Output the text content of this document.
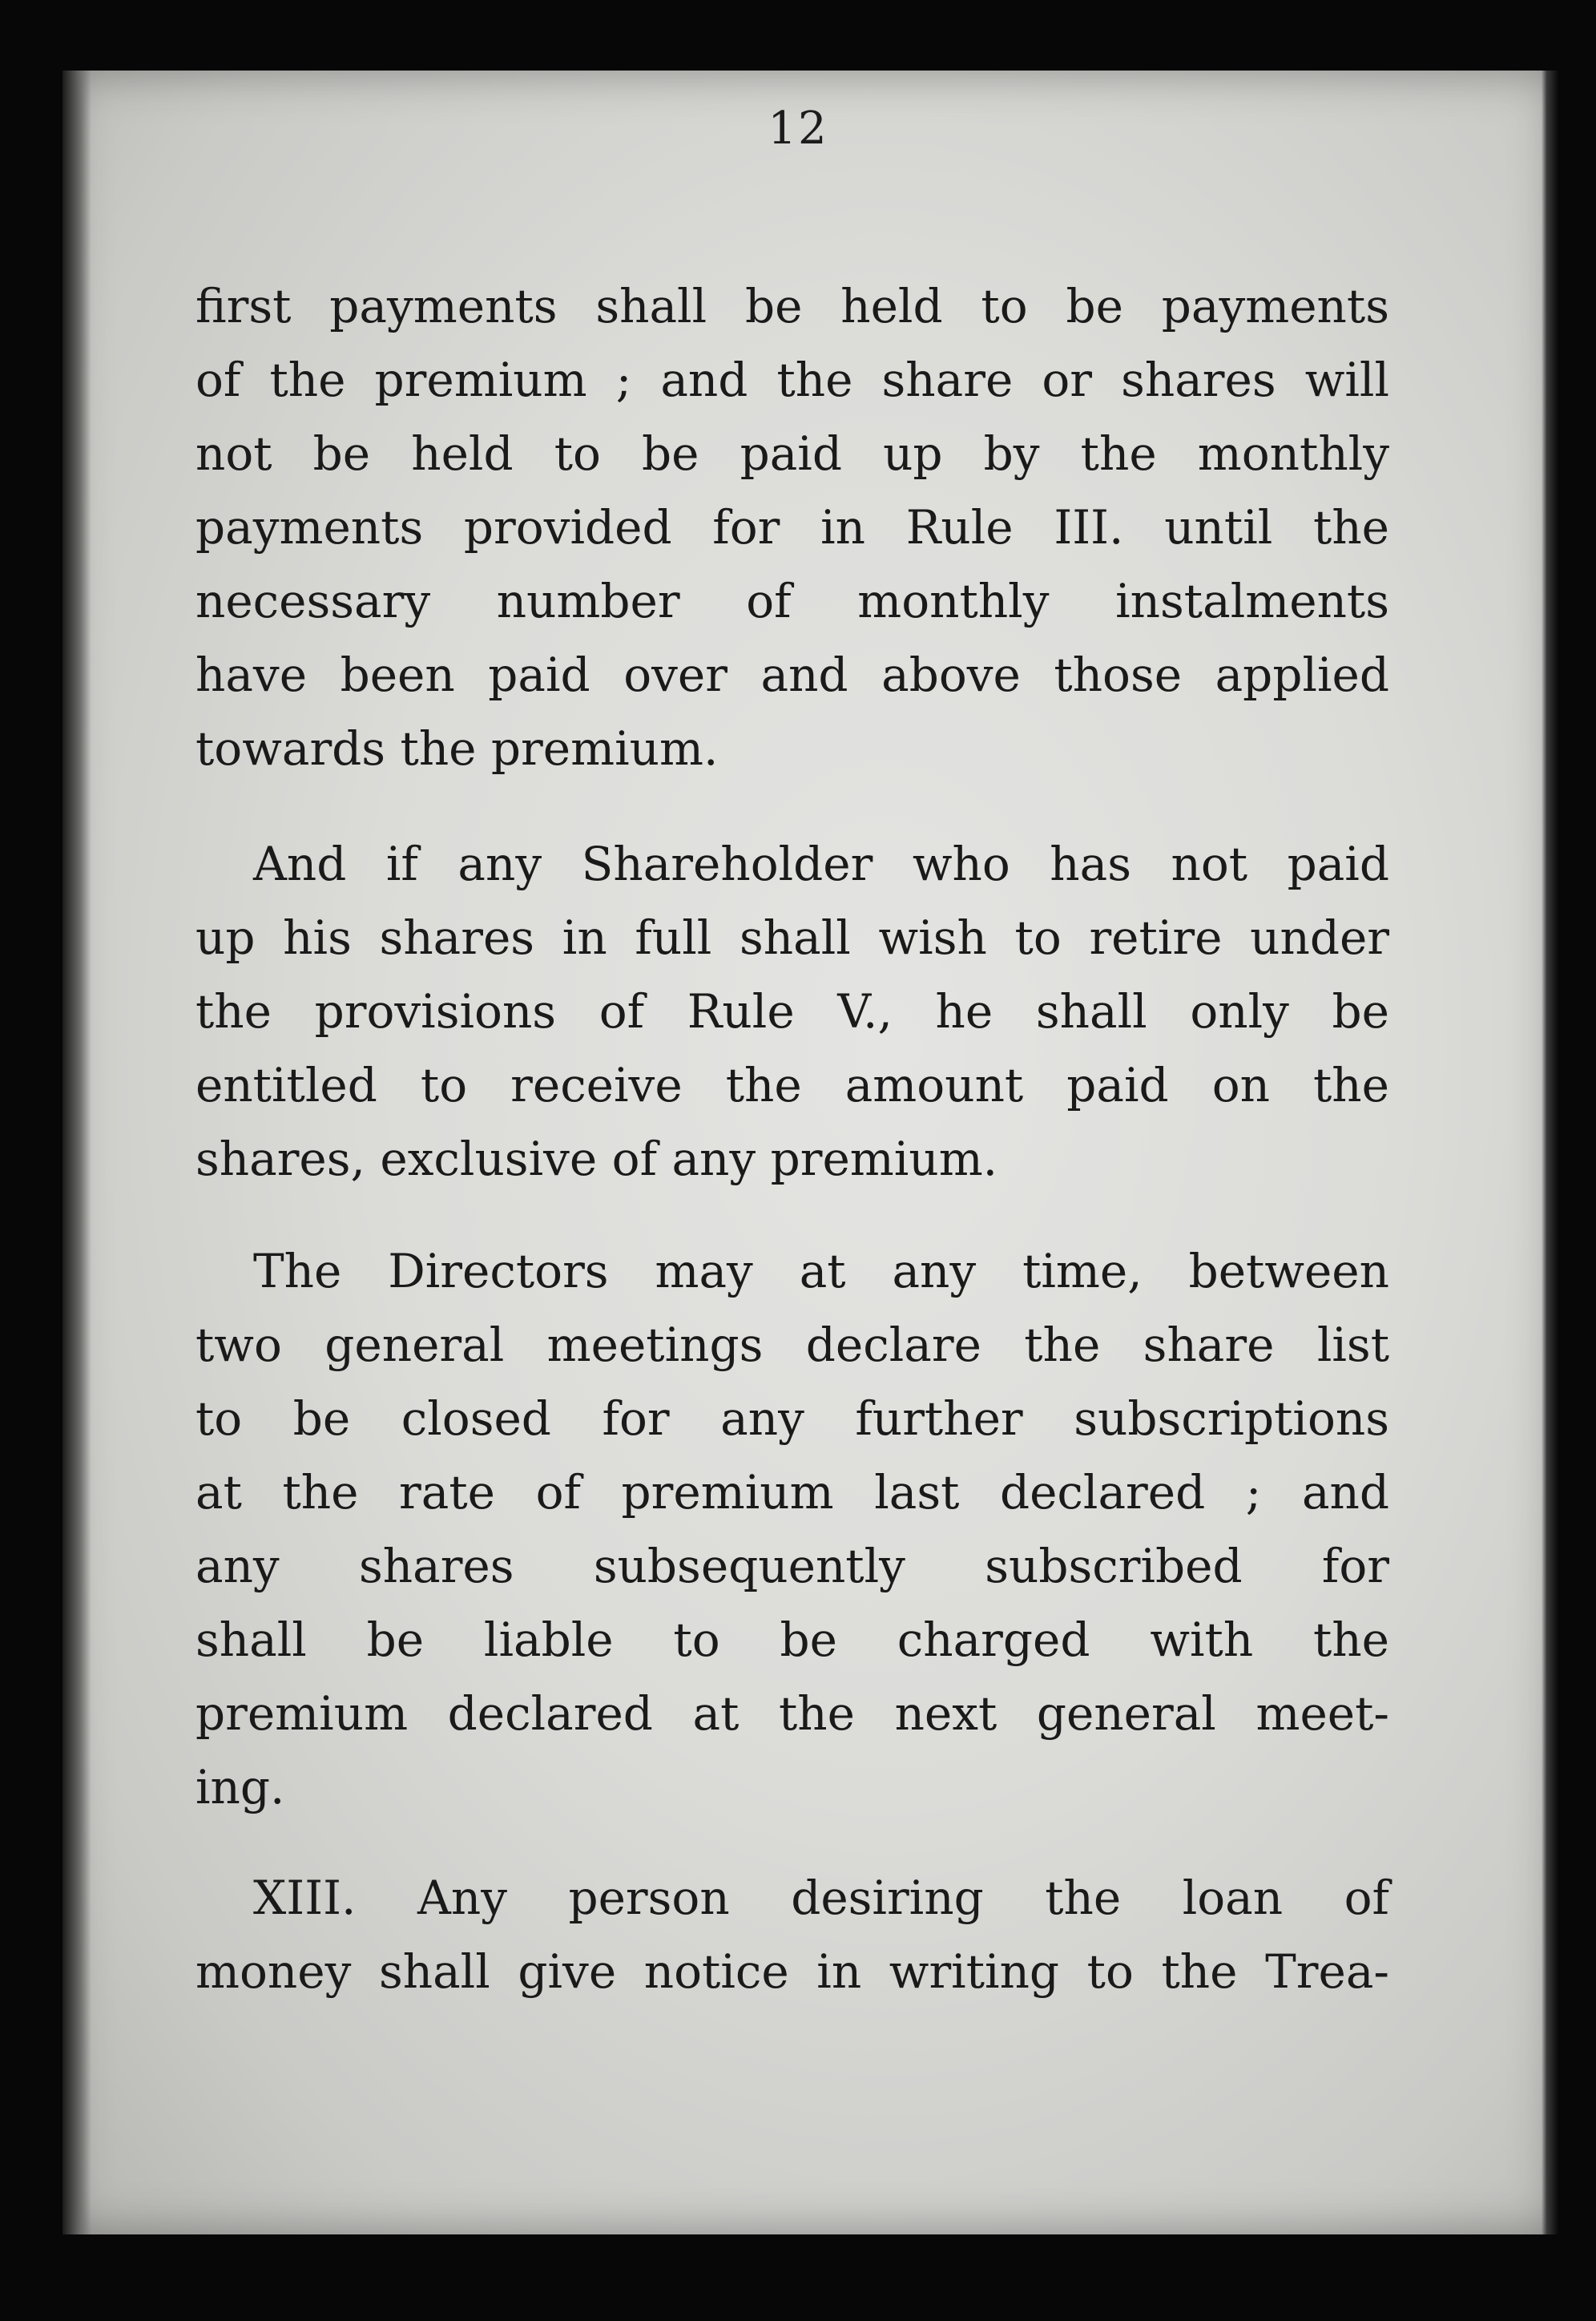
12
first payments shall be held to be payments
of the premium ; and the share or shares will
not be held to be paid up by the monthly
payments provided for in Rule III. until the
necessary number of monthly instalments
have been paid over and above those applied
towards the premium.
And if any Shareholder who has not paid
up his shares in full shall wish to retire under
the provisions of Rule V., he shall only be
entitled to receive the amount paid on the
shares, exclusive of any premium.
The Directors may at any time, between
two general meetings declare the share list
to be closed for any further subscriptions
at the rate of premium last declared ; and
any shares subsequently subscribed for
shall be liable to be charged with the
premium declared at the next general meet-
ing.
XIII. Any person desiring the loan of
money shall give notice in writing to the Trea-
